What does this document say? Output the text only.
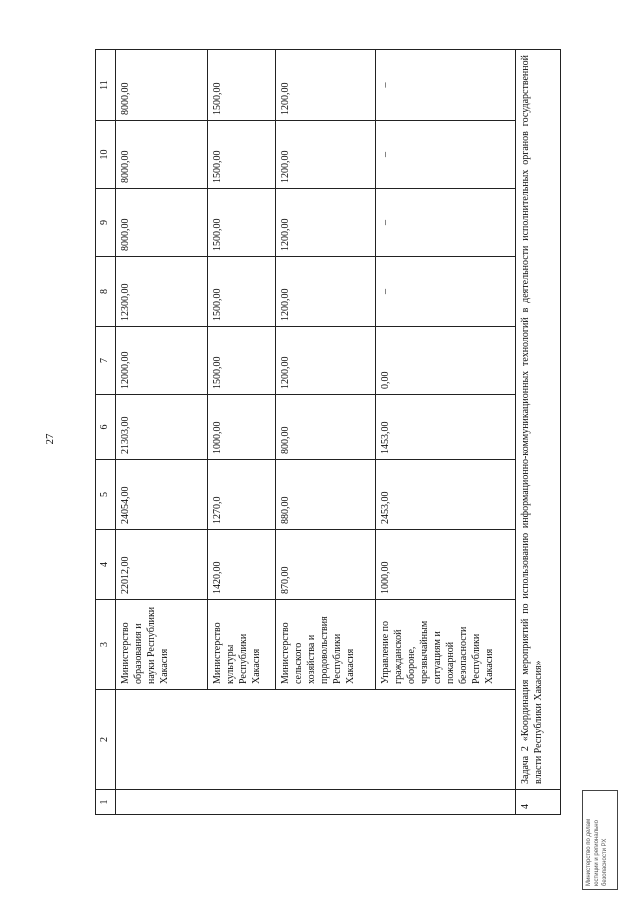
27
1	2	3	4	5	6	7	8	9	10	11
		Министерство образования и науки Республики Хакасия	22012,00	24054,00	21303,00	12000,00	12300,00	8000,00	8000,00	8000,00
		Министерство культуры Республики Хакасия	1420,00	1270,0	1000,00	1500,00	1500,00	1500,00	1500,00	1500,00
		Министерство сельского хозяйства и продовольствия Республики Хакасия	870,00	880,00	800,00	1200,00	1200,00	1200,00	1200,00	1200,00
		Управление по гражданской обороне, чрезвычайным ситуациям и пожарной безопасности Республики Хакасия	1000,00	2453,00	1453,00	0,00	–	–	–	–
4	Задача 2 «Координация мероприятий по использованию информационно-коммуникационных технологий в деятельности исполнительных органов государственной власти Республики Хакасия»									
Министерство по делам юстиции и регионально безопасности РХ
